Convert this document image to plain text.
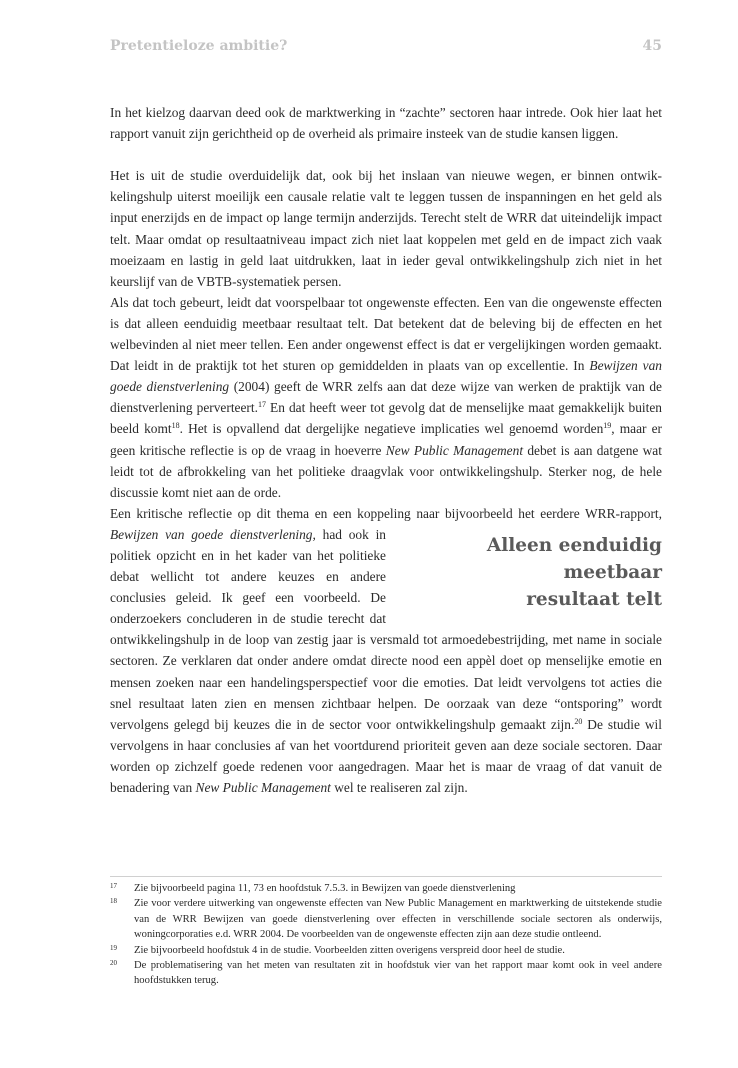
Pretentieloze ambitie?	45

In het kielzog daarvan deed ook de marktwerking in “zachte” sectoren haar intrede. Ook hier laat het rapport vanuit zijn gerichtheid op de overheid als primaire insteek van de studie kansen liggen.

Het is uit de studie overduidelijk dat, ook bij het inslaan van nieuwe wegen, er binnen ontwikkelingshulp uiterst moeilijk een causale relatie valt te leggen tussen de inspanningen en het geld als input enerzijds en de impact op lange termijn anderzijds. Terecht stelt de WRR dat uiteindelijk impact telt. Maar omdat op resultaatniveau impact zich niet laat koppelen met geld en de impact zich vaak moeizaam en lastig in geld laat uitdrukken, laat in ieder geval ontwikkelingshulp zich niet in het keurslijf van de VBTB-systematiek persen.

Als dat toch gebeurt, leidt dat voorspelbaar tot ongewenste effecten. Een van die ongewenste effecten is dat alleen eenduidig meetbaar resultaat telt. Dat betekent dat de beleving bij de effecten en het welbevinden al niet meer tellen. Een ander ongewenst effect is dat er vergelijkingen worden gemaakt. Dat leidt in de praktijk tot het sturen op gemiddelden in plaats van op excellentie. In Bewijzen van goede dienstverlening (2004) geeft de WRR zelfs aan dat deze wijze van werken de praktijk van de dienstverlening perverteert.$^{17}$ En dat heeft weer tot gevolg dat de menselijke maat gemakkelijk buiten beeld komt$^{18}$. Het is opvallend dat dergelijke negatieve implicaties wel genoemd worden$^{19}$, maar er geen kritische reflectie is op de vraag in hoeverre New Public Management debet is aan datgene wat leidt tot de afbrokkeling van het politieke draagvlak voor ontwikkelingshulp. Sterker nog, de hele discussie komt niet aan de orde.

Een kritische reflectie op dit thema en een koppeling naar bijvoorbeeld het eerdere WRR-rapport, Bewijzen van goede dienstverlening,
Alleen eenduidig meetbaar
resultaat telt
had ook in politiek opzicht en in het kader van het politieke debat wellicht tot andere keuzes en andere conclusies geleid. Ik geef een voorbeeld. De onderzoekers concluderen in de studie terecht dat ontwikkelingshulp in de loop van zestig jaar is versmald tot armoedebestrijding, met name in sociale sectoren. Ze verklaren dat onder andere omdat directe nood een appèl doet op menselijke emotie en mensen zoeken naar een handelingsperspectief voor die emoties. Dat leidt vervolgens tot acties die snel resultaat laten zien en mensen zichtbaar helpen. De oorzaak van deze “ontsporing” wordt vervolgens gelegd bij keuzes die in de sector voor ontwikkelingshulp gemaakt zijn.$^{20}$ De studie wil vervolgens in haar conclusies af van het voortdurend prioriteit geven aan deze sociale sectoren. Daar worden op zichzelf goede redenen voor aangedragen. Maar het is maar de vraag of dat vanuit de benadering van New Public Management wel te realiseren zal zijn.

17 Zie bijvoorbeeld pagina 11, 73 en hoofdstuk 7.5.3. in Bewijzen van goede dienstverlening
18 Zie voor verdere uitwerking van ongewenste effecten van New Public Management en marktwerking de uitstekende studie van de WRR Bewijzen van goede dienstverlening over effecten in verschillende sociale sectoren als onderwijs, woningcorporaties e.d. WRR 2004. De voorbeelden van de ongewenste effecten zijn aan deze studie ontleend.
19 Zie bijvoorbeeld hoofdstuk 4 in de studie. Voorbeelden zitten overigens verspreid door heel de studie.
20 De problematisering van het meten van resultaten zit in hoofdstuk vier van het rapport maar komt ook in veel andere hoofdstukken terug.
